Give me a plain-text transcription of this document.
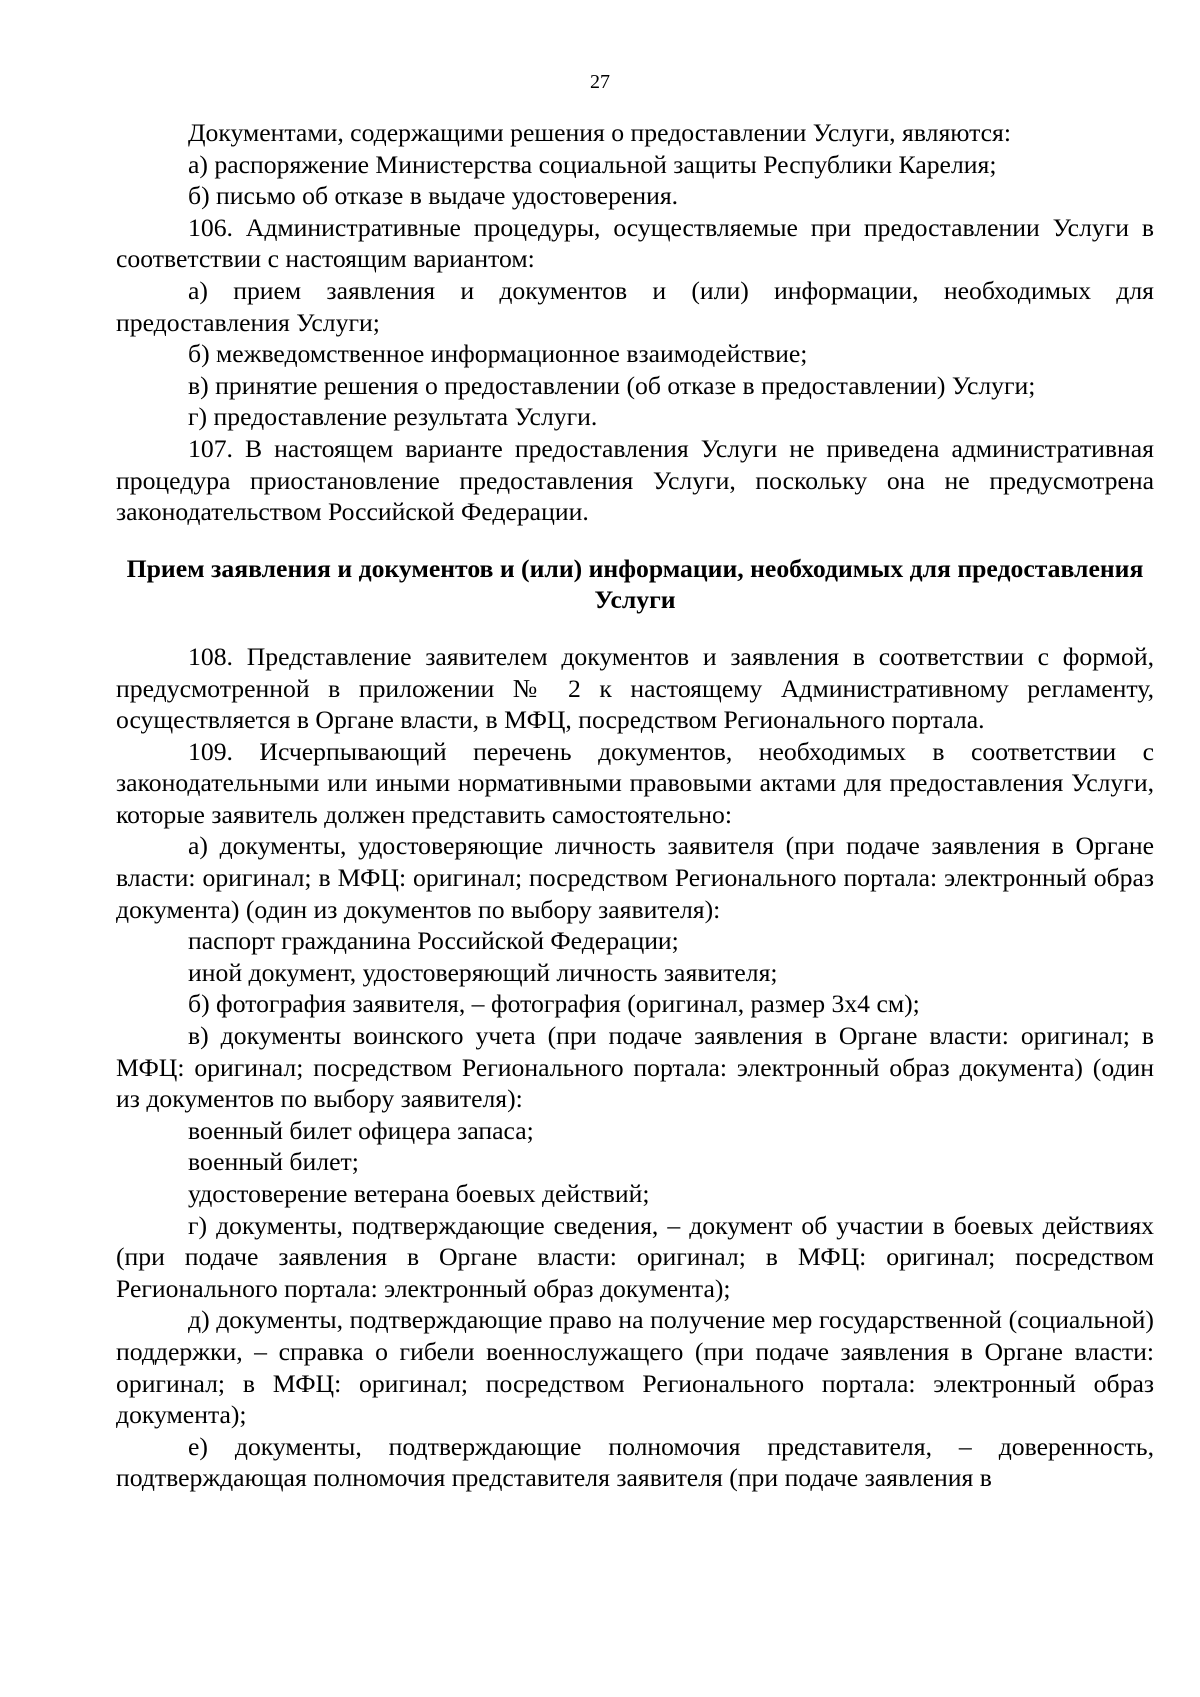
27

Документами, содержащими решения о предоставлении Услуги, являются:

а) распоряжение Министерства социальной защиты Республики Карелия;

б) письмо об отказе в выдаче удостоверения.

106. Административные процедуры, осуществляемые при предоставлении Услуги в соответствии с настоящим вариантом:

а) прием заявления и документов и (или) информации, необходимых для предоставления Услуги;

б) межведомственное информационное взаимодействие;

в) принятие решения о предоставлении (об отказе в предоставлении) Услуги;

г) предоставление результата Услуги.

107. В настоящем варианте предоставления Услуги не приведена административная процедура приостановление предоставления Услуги, поскольку она не предусмотрена законодательством Российской Федерации.

Прием заявления и документов и (или) информации, необходимых для предоставления Услуги

108. Представление заявителем документов и заявления в соответствии с формой, предусмотренной в приложении № 2 к настоящему Административному регламенту, осуществляется в Органе власти, в МФЦ, посредством Регионального портала.

109. Исчерпывающий перечень документов, необходимых в соответствии с законодательными или иными нормативными правовыми актами для предоставления Услуги, которые заявитель должен представить самостоятельно:

а) документы, удостоверяющие личность заявителя (при подаче заявления в Органе власти: оригинал; в МФЦ: оригинал; посредством Регионального портала: электронный образ документа) (один из документов по выбору заявителя):

паспорт гражданина Российской Федерации;

иной документ, удостоверяющий личность заявителя;

б) фотография заявителя, – фотография (оригинал, размер 3х4 см);

в) документы воинского учета (при подаче заявления в Органе власти: оригинал; в МФЦ: оригинал; посредством Регионального портала: электронный образ документа) (один из документов по выбору заявителя):

военный билет офицера запаса;

военный билет;

удостоверение ветерана боевых действий;

г) документы, подтверждающие сведения, – документ об участии в боевых действиях (при подаче заявления в Органе власти: оригинал; в МФЦ: оригинал; посредством Регионального портала: электронный образ документа);

д) документы, подтверждающие право на получение мер государственной (социальной) поддержки, – справка о гибели военнослужащего (при подаче заявления в Органе власти: оригинал; в МФЦ: оригинал; посредством Регионального портала: электронный образ документа);

е) документы, подтверждающие полномочия представителя, – доверенность, подтверждающая полномочия представителя заявителя (при подаче заявления в
